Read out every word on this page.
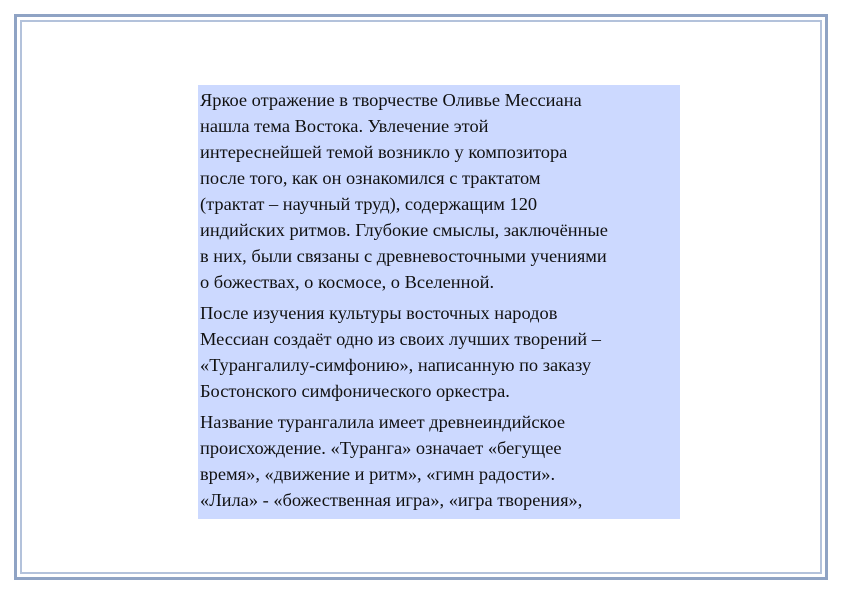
Яркое отражение в творчестве Оливье Мессиана
нашла тема Востока. Увлечение этой
интереснейшей темой возникло у композитора
после того, как он ознакомился с трактатом
(трактат – научный труд), содержащим 120
индийских ритмов. Глубокие смыслы, заключённые
в них, были связаны с древневосточными учениями
о божествах, о космосе, о Вселенной.

После изучения культуры восточных народов
Мессиан создаёт одно из своих лучших творений –
«Турангалилу-симфонию», написанную по заказу
Бостонского симфонического оркестра.

Название турангалила имеет древнеиндийское
происхождение. «Туранга» означает «бегущее
время», «движение и ритм», «гимн радости».
«Лила» - «божественная игра», «игра творения»,
